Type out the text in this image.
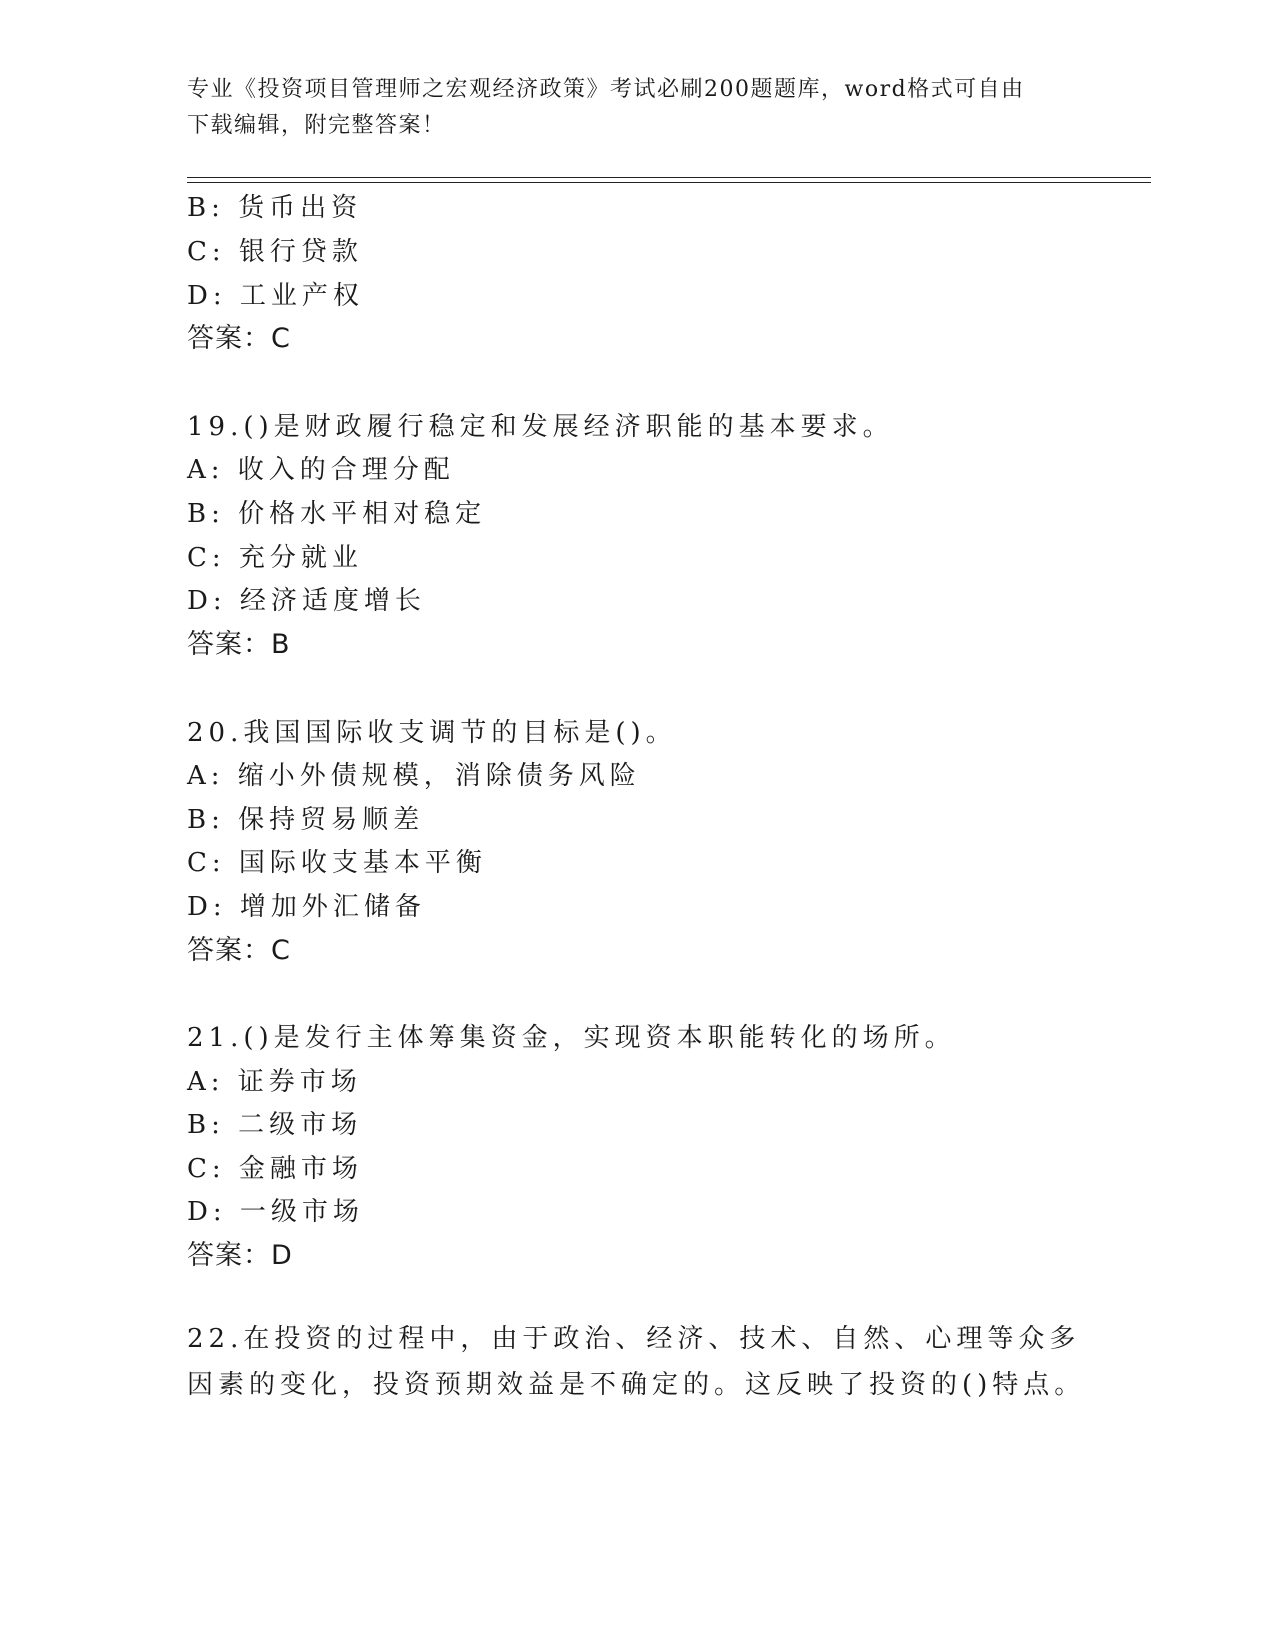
专业《投资项目管理师之宏观经济政策》考试必刷200题题库，word格式可自由
下载编辑，附完整答案！
B: 货币出资
C: 银行贷款
D: 工业产权
答案：C
19.()是财政履行稳定和发展经济职能的基本要求。
A: 收入的合理分配
B: 价格水平相对稳定
C: 充分就业
D: 经济适度增长
答案：B
20.我国国际收支调节的目标是()。
A: 缩小外债规模，消除债务风险
B: 保持贸易顺差
C: 国际收支基本平衡
D: 增加外汇储备
答案：C
21.()是发行主体筹集资金，实现资本职能转化的场所。
A: 证券市场
B: 二级市场
C: 金融市场
D: 一级市场
答案：D
22.在投资的过程中，由于政治、经济、技术、自然、心理等众多因素的变化，投资预期效益是不确定的。这反映了投资的()特点。
